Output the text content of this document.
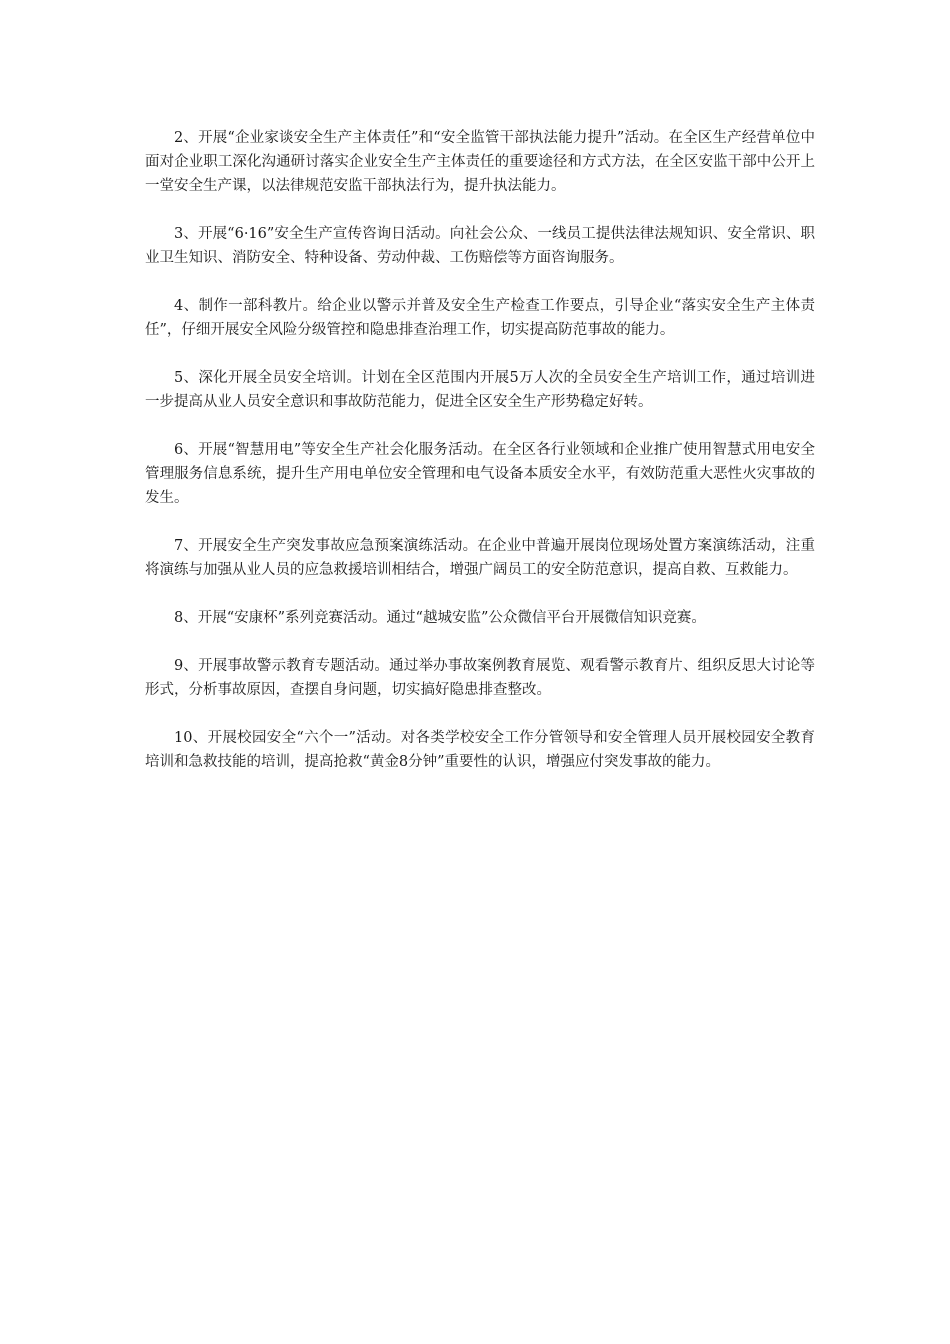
2、开展“企业家谈安全生产主体责任”和“安全监管干部执法能力提升”活动。在全区生产经营单位中面对企业职工深化沟通研讨落实企业安全生产主体责任的重要途径和方式方法，在全区安监干部中公开上一堂安全生产课，以法律规范安监干部执法行为，提升执法能力。

3、开展“6·16”安全生产宣传咨询日活动。向社会公众、一线员工提供法律法规知识、安全常识、职业卫生知识、消防安全、特种设备、劳动仲裁、工伤赔偿等方面咨询服务。

4、制作一部科教片。给企业以警示并普及安全生产检查工作要点，引导企业“落实安全生产主体责任”，仔细开展安全风险分级管控和隐患排查治理工作，切实提高防范事故的能力。

5、深化开展全员安全培训。计划在全区范围内开展5万人次的全员安全生产培训工作，通过培训进一步提高从业人员安全意识和事故防范能力，促进全区安全生产形势稳定好转。

6、开展“智慧用电”等安全生产社会化服务活动。在全区各行业领域和企业推广使用智慧式用电安全管理服务信息系统，提升生产用电单位安全管理和电气设备本质安全水平，有效防范重大恶性火灾事故的发生。

7、开展安全生产突发事故应急预案演练活动。在企业中普遍开展岗位现场处置方案演练活动，注重将演练与加强从业人员的应急救援培训相结合，增强广阔员工的安全防范意识，提高自救、互救能力。

8、开展“安康杯”系列竞赛活动。通过“越城安监”公众微信平台开展微信知识竞赛。

9、开展事故警示教育专题活动。通过举办事故案例教育展览、观看警示教育片、组织反思大讨论等形式，分析事故原因，查摆自身问题，切实搞好隐患排查整改。

10、开展校园安全“六个一”活动。对各类学校安全工作分管领导和安全管理人员开展校园安全教育培训和急救技能的培训，提高抢救“黄金8分钟”重要性的认识，增强应付突发事故的能力。
